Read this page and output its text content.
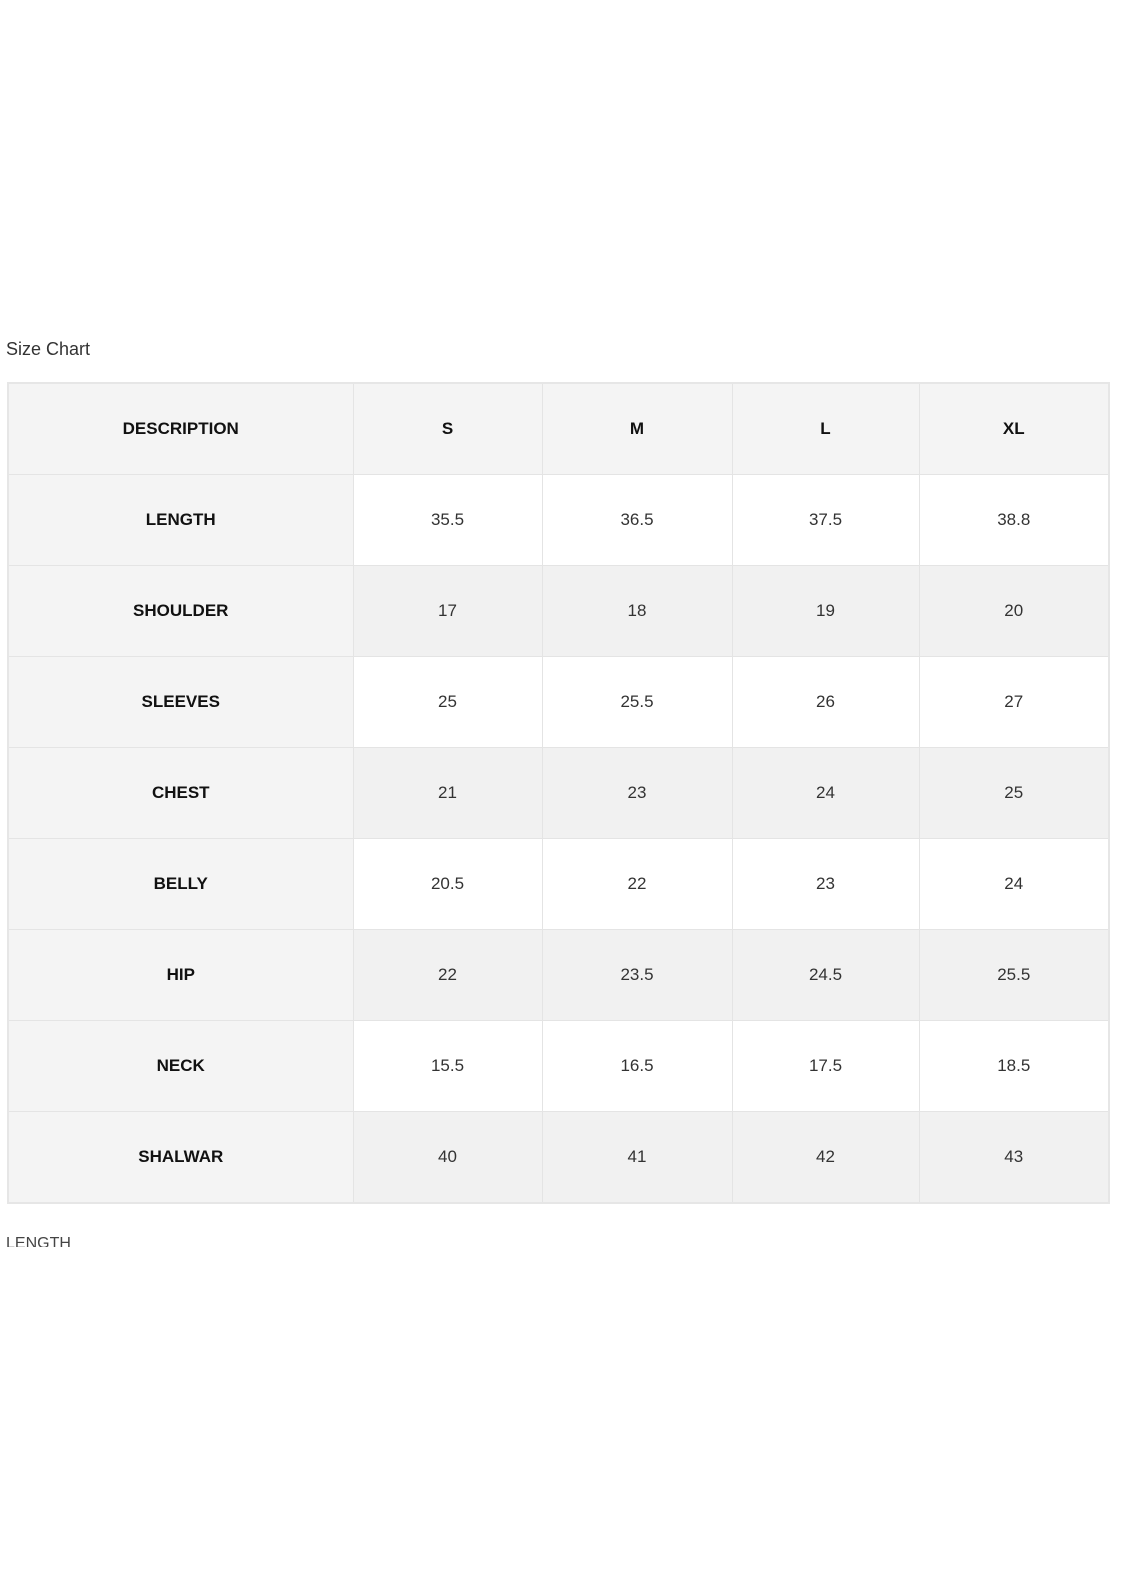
Size Chart
DESCRIPTION	S	M	L	XL
LENGTH	35.5	36.5	37.5	38.8
SHOULDER	17	18	19	20
SLEEVES	25	25.5	26	27
CHEST	21	23	24	25
BELLY	20.5	22	23	24
HIP	22	23.5	24.5	25.5
NECK	15.5	16.5	17.5	18.5
SHALWAR	40	41	42	43
LENGTH
